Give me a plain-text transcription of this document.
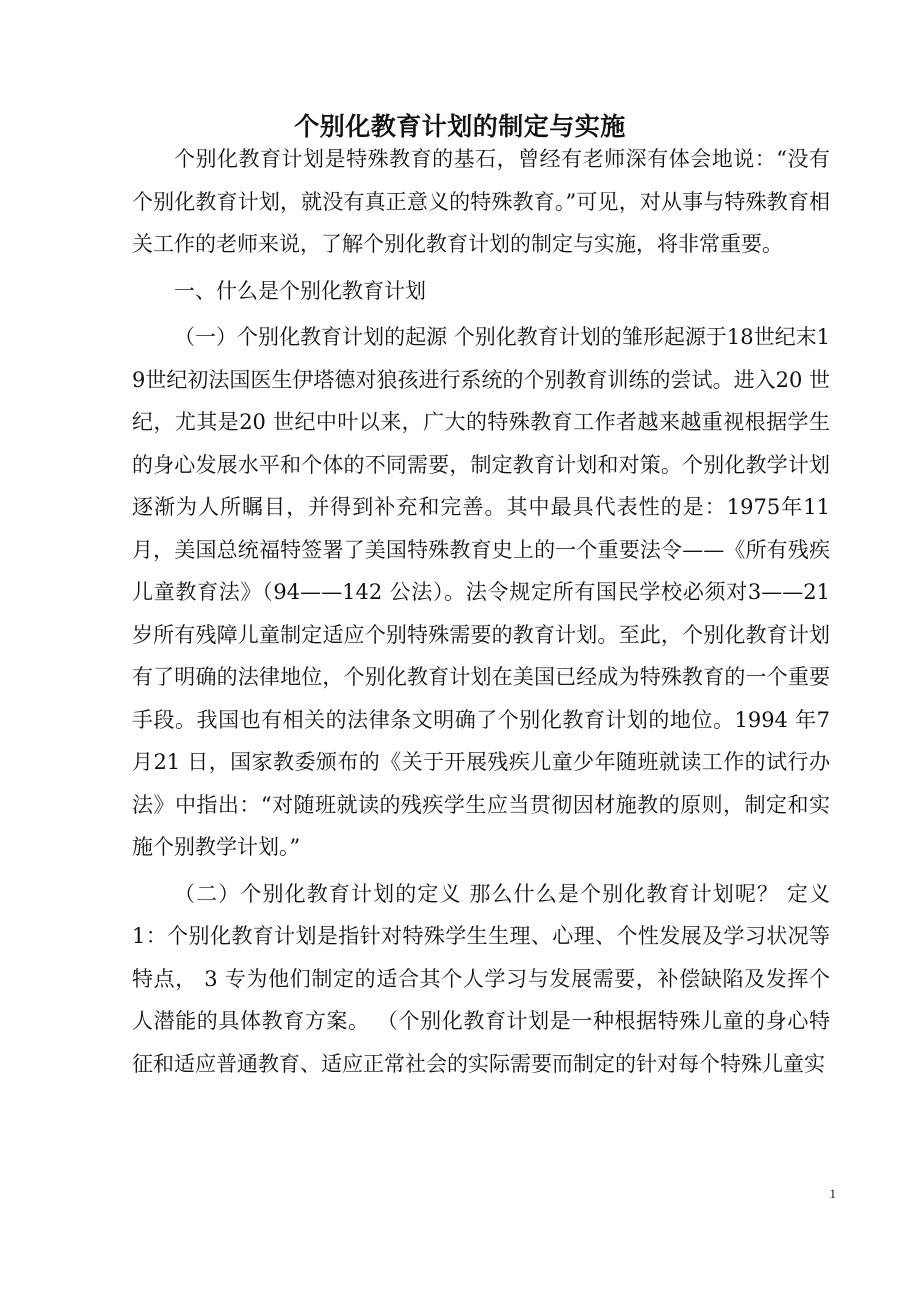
个别化教育计划的制定与实施

个别化教育计划是特殊教育的基石，曾经有老师深有体会地说：“没有个别化教育计划，就没有真正意义的特殊教育。”可见，对从事与特殊教育相关工作的老师来说，了解个别化教育计划的制定与实施，将非常重要。

一、什么是个别化教育计划

（一）个别化教育计划的起源 个别化教育计划的雏形起源于18世纪末19世纪初法国医生伊塔德对狼孩进行系统的个别教育训练的尝试。进入20 世纪，尤其是20 世纪中叶以来，广大的特殊教育工作者越来越重视根据学生的身心发展水平和个体的不同需要，制定教育计划和对策。个别化教学计划逐渐为人所瞩目，并得到补充和完善。其中最具代表性的是：1975年11 月，美国总统福特签署了美国特殊教育史上的一个重要法令——《所有残疾儿童教育法》（94——142 公法）。法令规定所有国民学校必须对3——21 岁所有残障儿童制定适应个别特殊需要的教育计划。至此，个别化教育计划有了明确的法律地位，个别化教育计划在美国已经成为特殊教育的一个重要手段。我国也有相关的法律条文明确了个别化教育计划的地位。1994 年7 月21 日，国家教委颁布的《关于开展残疾儿童少年随班就读工作的试行办法》中指出：“对随班就读的残疾学生应当贯彻因材施教的原则，制定和实施个别教学计划。”

（二）个别化教育计划的定义 那么什么是个别化教育计划呢？ 定义1：个别化教育计划是指针对特殊学生生理、心理、个性发展及学习状况等特点， 3 专为他们制定的适合其个人学习与发展需要，补偿缺陷及发挥个人潜能的具体教育方案。 （个别化教育计划是一种根据特殊儿童的身心特征和适应普通教育、适应正常社会的实际需要而制定的针对每个特殊儿童实

1
